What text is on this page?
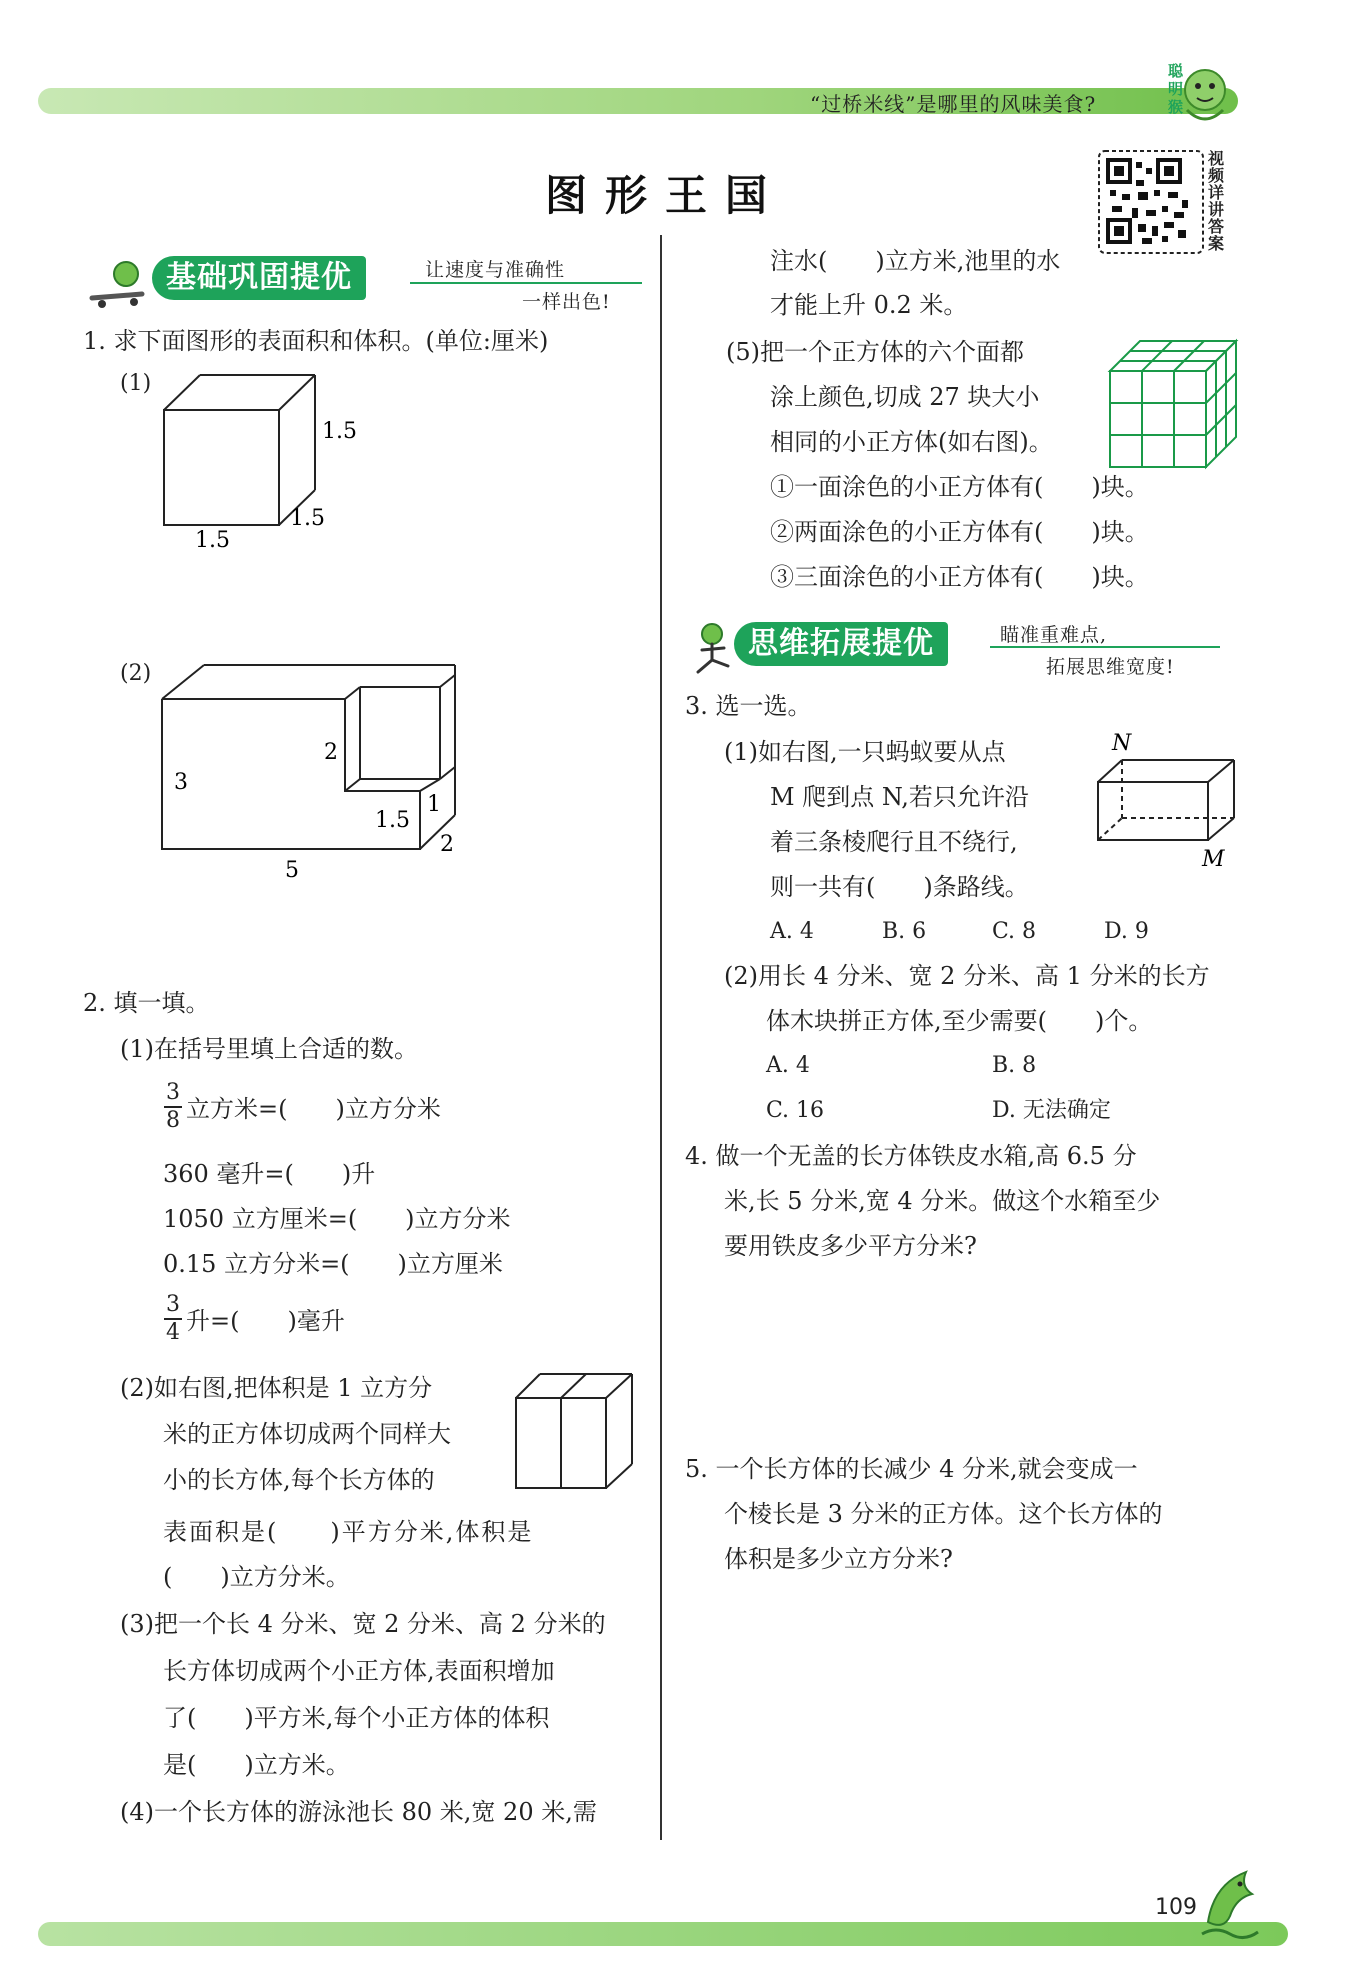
“过桥米线”是哪里的风味美食?
聪明猴
图形王国
视频详讲答案
基础巩固提优	让速度与准确性
一样出色!
1. 求下面图形的表面积和体积。(单位:厘米)
(1)
1.5
1.5
1.5
(2)
3
5
2
2
1.5
1
2. 填一填。
(1)在括号里填上合适的数。
3
8 立方米=(　　)立方分米
360 毫升=(　　)升
1050 立方厘米=(　　)立方分米
0.15 立方分米=(　　)立方厘米
3
4 升=(　　)毫升
(2)如右图,把体积是 1 立方分
米的正方体切成两个同样大
小的长方体,每个长方体的
表面积是(　　)平方分米,体积是
(　　)立方分米。
(3)把一个长 4 分米、宽 2 分米、高 2 分米的
长方体切成两个小正方体,表面积增加
了(　　)平方米,每个小正方体的体积
是(　　)立方米。
(4)一个长方体的游泳池长 80 米,宽 20 米,需
注水(　　)立方米,池里的水
才能上升 0.2 米。
(5)把一个正方体的六个面都
涂上颜色,切成 27 块大小
相同的小正方体(如右图)。
①一面涂色的小正方体有(　　)块。
②两面涂色的小正方体有(　　)块。
③三面涂色的小正方体有(　　)块。
思维拓展提优	瞄准重难点,
拓展思维宽度!
3. 选一选。
(1)如右图,一只蚂蚁要从点
M 爬到点 N,若只允许沿
着三条棱爬行且不绕行,
则一共有(　　)条路线。
N
M
A. 4	B. 6	C. 8	D. 9
(2)用长 4 分米、宽 2 分米、高 1 分米的长方
体木块拼正方体,至少需要(　　)个。
A. 4	B. 8
C. 16	D. 无法确定
4. 做一个无盖的长方体铁皮水箱,高 6.5 分
米,长 5 分米,宽 4 分米。做这个水箱至少
要用铁皮多少平方分米?
5. 一个长方体的长减少 4 分米,就会变成一
个棱长是 3 分米的正方体。这个长方体的
体积是多少立方分米?
109
